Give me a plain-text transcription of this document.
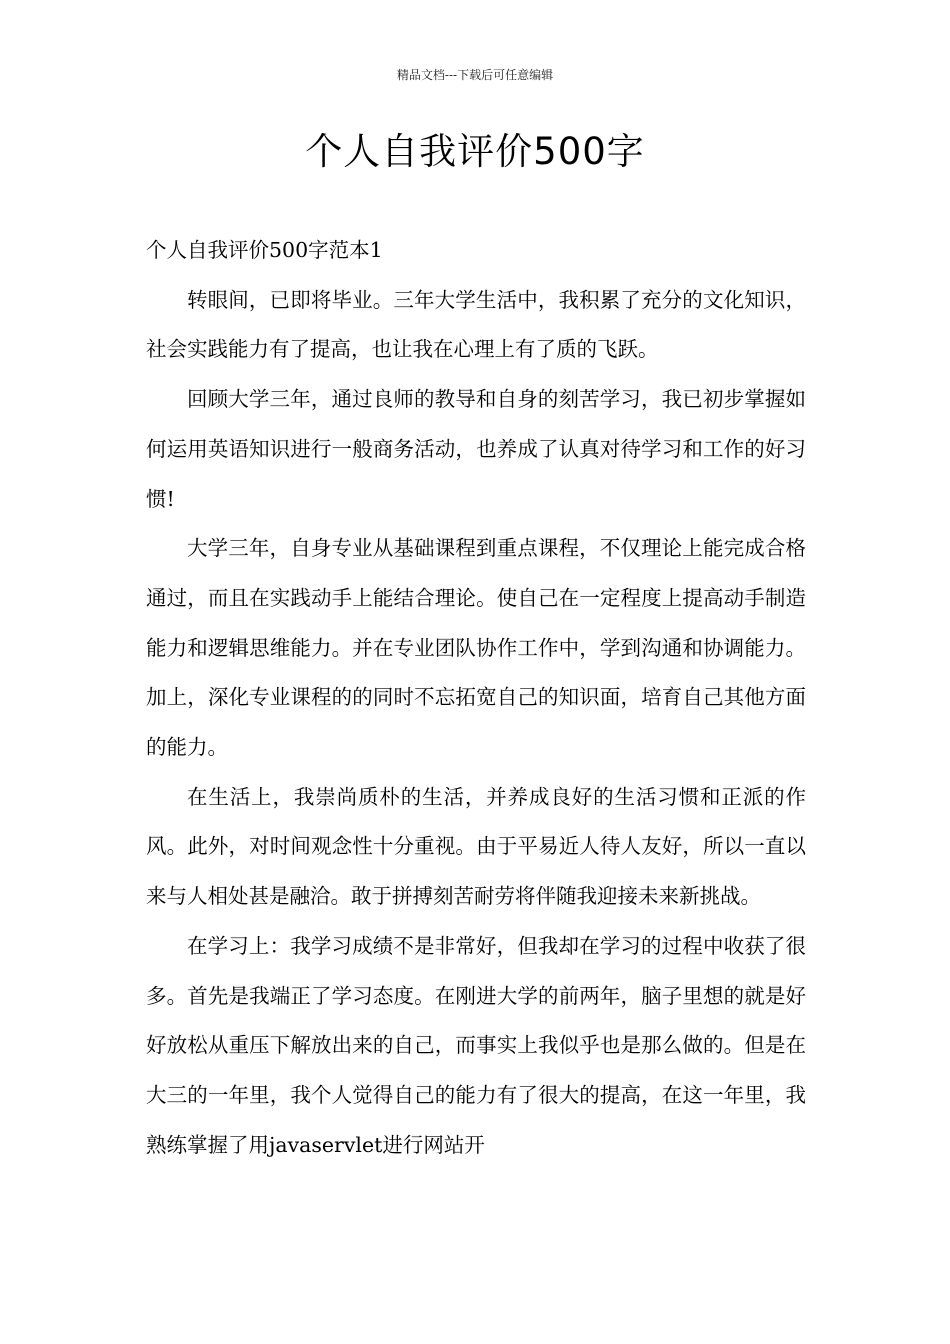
精品文档---下载后可任意编辑
个人自我评价500字

个人自我评价500字范本1

转眼间，已即将毕业。三年大学生活中，我积累了充分的文化知识，社会实践能力有了提高，也让我在心理上有了质的飞跃。

回顾大学三年，通过良师的教导和自身的刻苦学习，我已初步掌握如何运用英语知识进行一般商务活动，也养成了认真对待学习和工作的好习惯!

大学三年，自身专业从基础课程到重点课程，不仅理论上能完成合格通过，而且在实践动手上能结合理论。使自己在一定程度上提高动手制造能力和逻辑思维能力。并在专业团队协作工作中，学到沟通和协调能力。加上，深化专业课程的的同时不忘拓宽自己的知识面，培育自己其他方面的能力。

在生活上，我崇尚质朴的生活，并养成良好的生活习惯和正派的作风。此外，对时间观念性十分重视。由于平易近人待人友好，所以一直以来与人相处甚是融洽。敢于拼搏刻苦耐劳将伴随我迎接未来新挑战。

在学习上：我学习成绩不是非常好，但我却在学习的过程中收获了很多。首先是我端正了学习态度。在刚进大学的前两年，脑子里想的就是好好放松从重压下解放出来的自己，而事实上我似乎也是那么做的。但是在大三的一年里，我个人觉得自己的能力有了很大的提高，在这一年里，我熟练掌握了用javaservlet进行网站开
